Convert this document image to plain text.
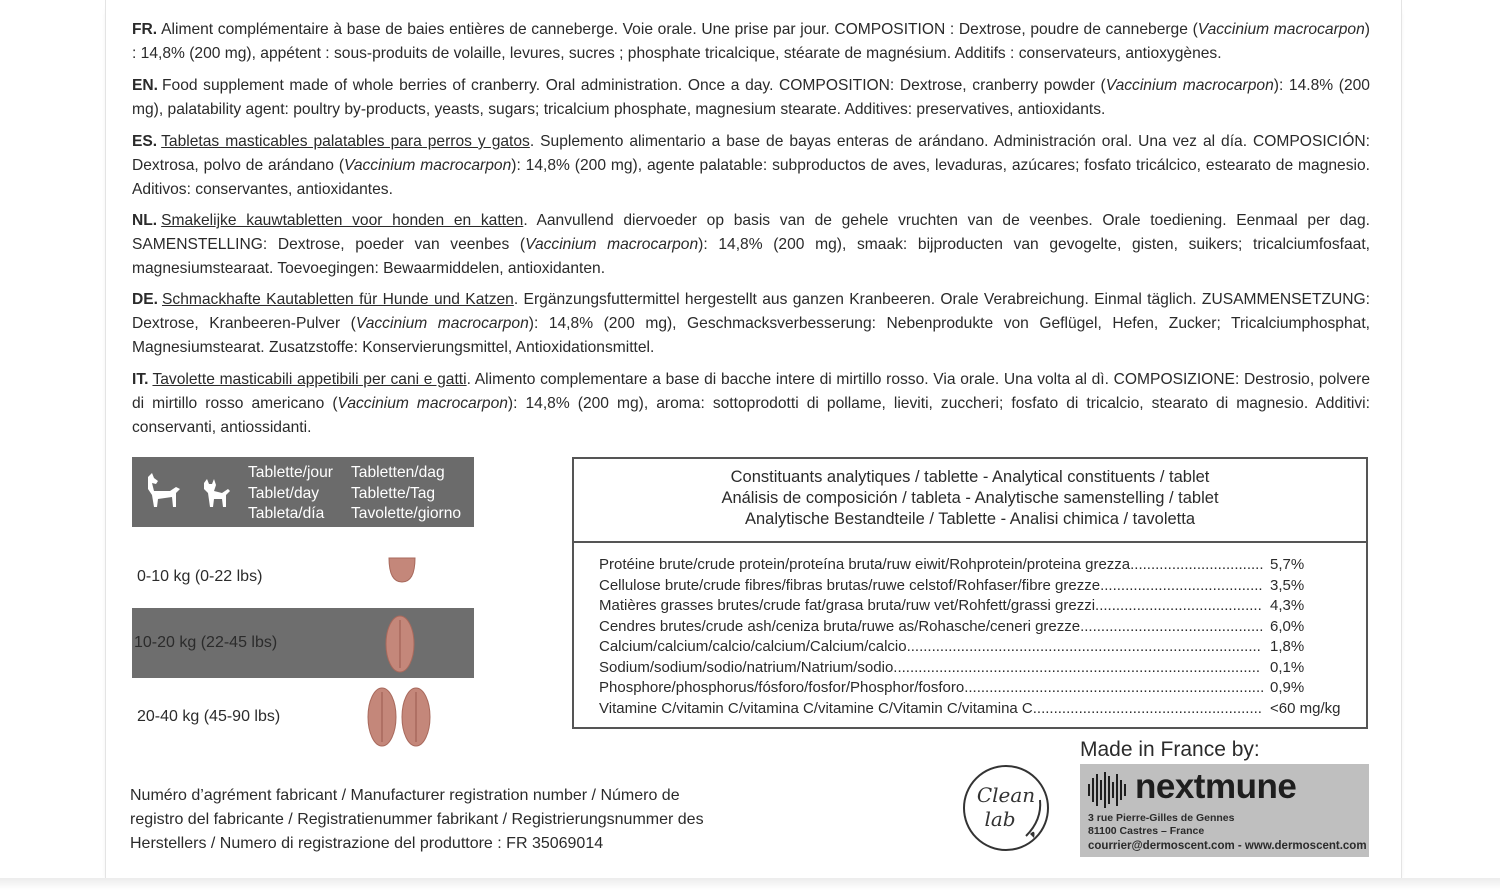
FR. Aliment complémentaire à base de baies entières de canneberge. Voie orale. Une prise par jour. COMPOSITION : Dextrose, poudre de canneberge (Vaccinium macrocarpon) : 14,8% (200 mg), appétent : sous-produits de volaille, levures, sucres ; phosphate tricalcique, stéarate de magnésium. Additifs : conservateurs, antioxygènes.
EN. Food supplement made of whole berries of cranberry. Oral administration. Once a day. COMPOSITION: Dextrose, cranberry powder (Vaccinium macrocarpon): 14.8% (200 mg), palatability agent: poultry by-products, yeasts, sugars; tricalcium phosphate, magnesium stearate. Additives: preservatives, antioxidants.
ES. Tabletas masticables palatables para perros y gatos. Suplemento alimentario a base de bayas enteras de arándano. Administración oral. Una vez al día. COMPOSICIÓN: Dextrosa, polvo de arándano (Vaccinium macrocarpon): 14,8% (200 mg), agente palatable: subproductos de aves, levaduras, azúcares; fosfato tricálcico, estearato de magnesio. Aditivos: conservantes, antioxidantes.
NL. Smakelijke kauwtabletten voor honden en katten. Aanvullend diervoeder op basis van de gehele vruchten van de veenbes. Orale toediening. Eenmaal per dag. SAMENSTELLING: Dextrose, poeder van veenbes (Vaccinium macrocarpon): 14,8% (200 mg), smaak: bijproducten van gevogelte, gisten, suikers; tricalciumfosfaat, magnesiumstearaat. Toevoegingen: Bewaarmiddelen, antioxidanten.
DE. Schmackhafte Kautabletten für Hunde und Katzen. Ergänzungsfuttermittel hergestellt aus ganzen Kranbeeren. Orale Verabreichung. Einmal täglich. ZUSAMMENSETZUNG: Dextrose, Kranbeeren-Pulver (Vaccinium macrocarpon): 14,8% (200 mg), Geschmacksverbesserung: Nebenprodukte von Geflügel, Hefen, Zucker; Tricalciumphosphat, Magnesiumstearat. Zusatzstoffe: Konservierungsmittel, Antioxidationsmittel.
IT. Tavolette masticabili appetibili per cani e gatti. Alimento complementare a base di bacche intere di mirtillo rosso. Via orale. Una volta al dì. COMPOSIZIONE: Destrosio, polvere di mirtillo rosso americano (Vaccinium macrocarpon): 14,8% (200 mg), aroma: sottoprodotti di pollame, lieviti, zuccheri; fosfato di tricalcio, stearato di magnesio. Additivi: conservanti, antiossidanti.
Tablette/jour
Tablet/day
Tableta/día
Tabletten/dag
Tablette/Tag
Tavolette/giorno
0-10 kg (0-22 lbs)
10-20 kg (22-45 lbs)
20-40 kg (45-90 lbs)
Constituants analytiques / tablette - Analytical constituents / tablet
Análisis de composición / tableta - Analytische samenstelling / tablet
Analytische Bestandteile / Tablette - Analisi chimica / tavoletta
Protéine brute/crude protein/proteína bruta/ruw eiwit/Rohprotein/proteina grezza................................ 5,7%
Cellulose brute/crude fibres/fibras brutas/ruwe celstof/Rohfaser/fibre grezze....................................... 3,5%
Matières grasses brutes/crude fat/grasa bruta/ruw vet/Rohfett/grassi grezzi........................................ 4,3%
Cendres brutes/crude ash/ceniza bruta/ruwe as/Rohasche/ceneri grezze............................................ 6,0%
Calcium/calcium/calcio/calcium/Calcium/calcio..................................................................................... 1,8%
Sodium/sodium/sodio/natrium/Natrium/sodio........................................................................................ 0,1%
Phosphore/phosphorus/fósforo/fosfor/Phosphor/fosforo........................................................................ 0,9%
Vitamine C/vitamin C/vitamina C/vitamine C/Vitamin C/vitamina C....................................................... <60 mg/kg
Numéro d’agrément fabricant / Manufacturer registration number / Número de registro del fabricante / Registratienummer fabrikant / Registrierungsnummer des Herstellers / Numero di registrazione del produttore : FR 35069014
Clean
lab
Made in France by:
nextmune
3 rue Pierre-Gilles de Gennes
81100 Castres – France
courrier@dermoscent.com - www.dermoscent.com
